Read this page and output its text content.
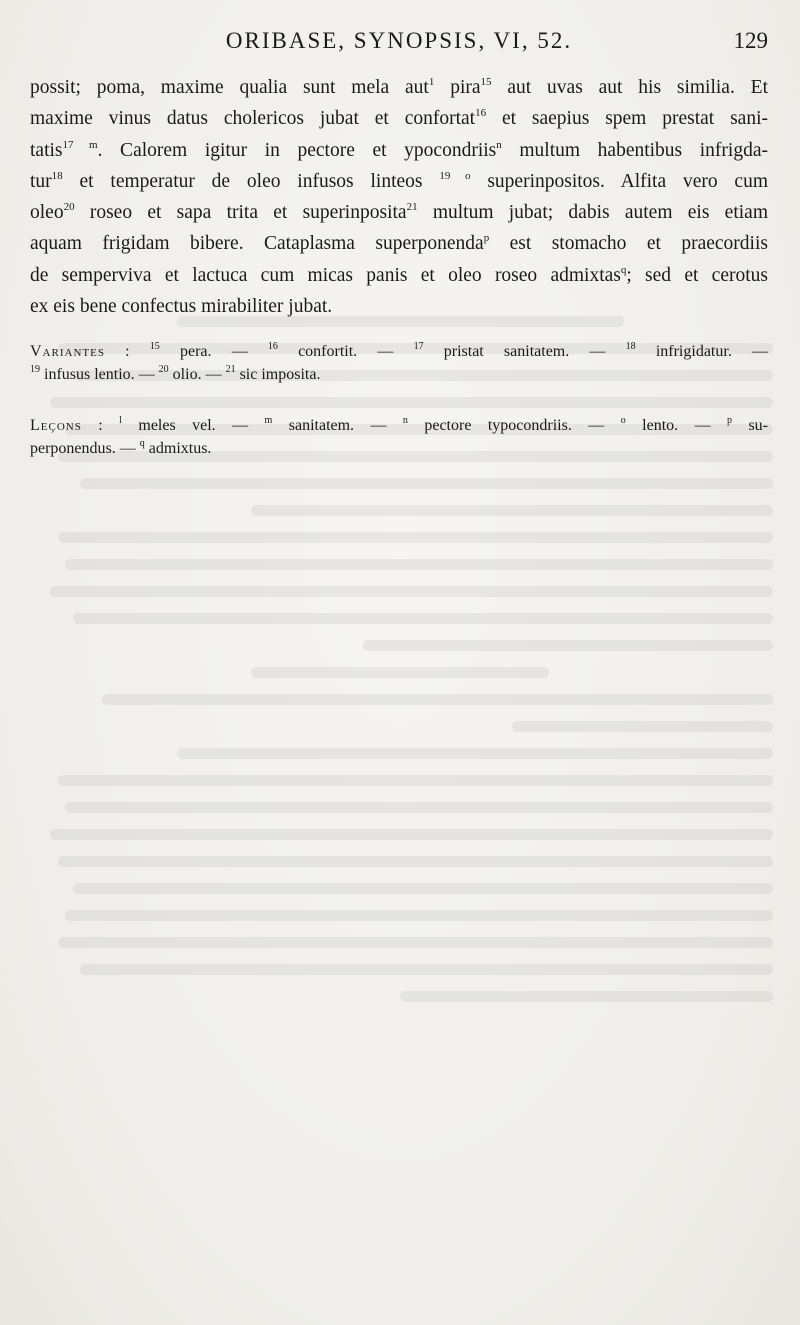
ORIBASE, SYNOPSIS, VI, 52.	129
possit; poma, maxime qualia sunt mela aut$^1$ pira$^{15}$ aut uvas aut his similia. Et
maxime vinus datus cholericos jubat et confortat$^{16}$ et saepius spem prestat sani-
tatis$^{17 m}$. Calorem igitur in pectore et ypocondriis$^n$ multum habentibus infrigda-
tur$^{18}$ et temperatur de oleo infusos linteos $^{19 o}$ superinpositos. Alfita vero cum
oleo$^{20}$ roseo et sapa trita et superinposita$^{21}$ multum jubat; dabis autem eis etiam
aquam frigidam bibere. Cataplasma superponenda$^p$ est stomacho et praecordiis
de semperviva et lactuca cum micas panis et oleo roseo admixtas$^q$; sed et cerotus
ex eis bene confectus mirabiliter jubat.
Variantes : $^{15}$ pera. — $^{16}$ confortit. — $^{17}$ pristat sanitatem. — $^{18}$ infrigidatur. —
$^{19}$ infusus lentio. — $^{20}$ olio. — $^{21}$ sic imposita.
Leçons : $^l$ meles vel. — $^m$ sanitatem. — $^n$ pectore typocondriis. — $^o$ lento. — $^p$ su-
perponendus. — $^q$ admixtus.
